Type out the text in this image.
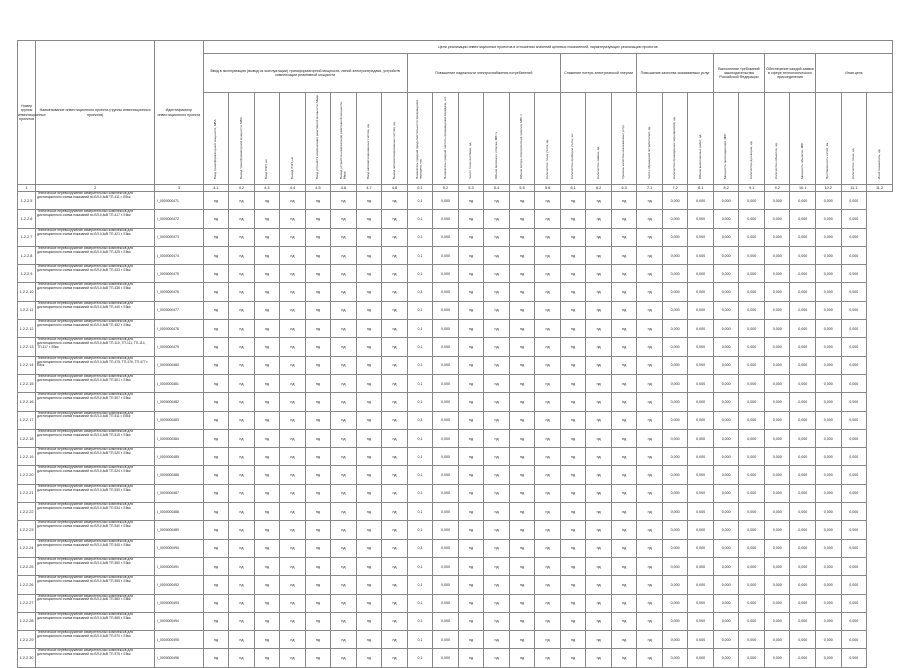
Номер группы инвестиционных проектов	Наименование инвестиционного проекта (группы инвестиционных проектов)	Идентификатор инвестиционного проекта	Цели реализации инвестиционных проектов в отношении значений целевых показателей, характеризующих реализацию проектов																										
			Ввод в эксплуатацию (вывод из эксплуатации) трансформаторной мощности, линий электропередачи, устройств компенсации реактивной мощности								Повышение надежности электроснабжения потребителей						Снижение потерь электрической энергии			Повышение качества оказываемых услуг			Выполнение требований законодательства Российской Федерации		Обеспечение каждой заявки в сфере технологического присоединения		Иная цель		
			Ввод трансформаторной мощности, МВА	Вывод трансформаторной мощности, МВА	Ввод ЛЭП, км	Вывод ЛЭП, км	Ввод устройств компенсации реактивной мощности, Мвар	Вывод устройств компенсации реактивной мощности, Мвар	Ввод автоматизированных систем, ед.	Вывод автоматизированных систем, ед.	Показатель средней продолжительности прекращения передачи, час	Показатель средней частоты прекращения передачи, шт.	Число точек поставки, ед.	Объем полезного отпуска, МВт·ч	Объем потерь электрической энергии, МВт·ч	Количество точек учета, ед.	Количество приборов учета, шт.	Количество заявок, ед.	Уровень качества оказываемых услуг	Число обращений потребителей, ед.	Количество проведенных мероприятий, ед.	Объем выполненных работ, ед.	Мощность присоединения, МВт	Количество договоров, ед.	Количество объектов, ед.	Мощность объектов, МВт	Протяженность сетей, км	Количество точек, ед.	Иной показатель, ед.
1	2	3	4.1	4.2	4.3	4.4	4.5	4.6	4.7	4.8	5.1	5.2	5.3	5.4	5.5	5.6	6.1	6.2	6.3	7.1	7.2	8.1	8.2	9.1	9.2	10.1	10.2	11.1	11.2
1.2.2.5	Техническое перевооружение измерительных комплексов для дистанционного съема показаний по ВЛ-0,4кВ ТП-411 г. Ейск	I_0000000471	нд	нд	нд	нд	нд	нд	нд	нд	0,1	0,000	нд	нд	нд	нд	нд	нд	нд	нд	0,000	0,000	0,000	0,000	0,000	0,000	0,000	0,000	
1.2.2.6	Техническое перевооружение измерительных комплексов для дистанционного съема показаний по ВЛ-0,4кВ ТП-417 г. Ейск	I_0000000472	нд	нд	нд	нд	нд	нд	нд	нд	0,1	0,000	нд	нд	нд	нд	нд	нд	нд	нд	0,000	0,000	0,000	0,000	0,000	0,000	0,000	0,000	
1.2.2.7	Техническое перевооружение измерительных комплексов для дистанционного съема показаний по ВЛ-0,4кВ ТП-421 г. Ейск	I_0000000473	нд	нд	нд	нд	нд	нд	нд	нд	0,1	0,000	нд	нд	нд	нд	нд	нд	нд	нд	0,000	0,000	0,000	0,000	0,000	0,000	0,000	0,000	
1.2.2.8	Техническое перевооружение измерительных комплексов для дистанционного съема показаний по ВЛ-0,4кВ ТП-425 г. Ейск	I_0000000474	нд	нд	нд	нд	нд	нд	нд	нд	0,1	0,000	нд	нд	нд	нд	нд	нд	нд	нд	0,000	0,000	0,000	0,000	0,000	0,000	0,000	0,000	
1.2.2.9	Техническое перевооружение измерительных комплексов для дистанционного съема показаний по ВЛ-0,4кВ ТП-433 г. Ейск	I_0000000475	нд	нд	нд	нд	нд	нд	нд	нд	0,1	0,000	нд	нд	нд	нд	нд	нд	нд	нд	0,000	0,000	0,000	0,000	0,000	0,000	0,000	0,000	
1.2.2.10	Техническое перевооружение измерительных комплексов для дистанционного съема показаний по ВЛ-0,4кВ ТП-438 г. Ейск	I_0000000476	нд	нд	нд	нд	нд	нд	нд	нд	0,1	0,000	нд	нд	нд	нд	нд	нд	нд	нд	0,000	0,000	0,000	0,000	0,000	0,000	0,000	0,000	
1.2.2.11	Техническое перевооружение измерительных комплексов для дистанционного съема показаний по ВЛ-0,4кВ ТП-440 г. Ейск	I_0000000477	нд	нд	нд	нд	нд	нд	нд	нд	0,1	0,000	нд	нд	нд	нд	нд	нд	нд	нд	0,000	0,000	0,000	0,000	0,000	0,000	0,000	0,000	
1.2.2.12	Техническое перевооружение измерительных комплексов для дистанционного съема показаний по ВЛ-0,4кВ ТП-452 г. Ейск	I_0000000478	нд	нд	нд	нд	нд	нд	нд	нд	0,1	0,000	нд	нд	нд	нд	нд	нд	нд	нд	0,000	0,000	0,000	0,000	0,000	0,000	0,000	0,000	
1.2.2.13	Техническое перевооружение измерительных комплексов для дистанционного съема показаний по ВЛ-0,4кВ ТП-110, ТП-111, ТП-114, ТП-117 г. Ейск	I_0000000479	нд	нд	нд	нд	нд	нд	нд	нд	0,1	0,000	нд	нд	нд	нд	нд	нд	нд	нд	0,000	0,000	0,000	0,000	0,000	0,000	0,000	0,000	
1.2.2.14	Техническое перевооружение измерительных комплексов для дистанционного съема показаний по ВЛ-0,4кВ ТП-475, ТП-476, ТП-477 г. Ейск	I_0000000480	нд	нд	нд	нд	нд	нд	нд	нд	0,1	0,000	нд	нд	нд	нд	нд	нд	нд	нд	0,000	0,000	0,000	0,000	0,000	0,000	0,000	0,000	
1.2.2.15	Техническое перевооружение измерительных комплексов для дистанционного съема показаний по ВЛ-0,4кВ ТП-501 г. Ейск	I_0000000481	нд	нд	нд	нд	нд	нд	нд	нд	0,1	0,000	нд	нд	нд	нд	нд	нд	нд	нд	0,000	0,000	0,000	0,000	0,000	0,000	0,000	0,000	
1.2.2.16	Техническое перевооружение измерительных комплексов для дистанционного съема показаний по ВЛ-0,4кВ ТП-507 г. Ейск	I_0000000482	нд	нд	нд	нд	нд	нд	нд	нд	0,1	0,000	нд	нд	нд	нд	нд	нд	нд	нд	0,000	0,000	0,000	0,000	0,000	0,000	0,000	0,000	
1.2.2.17	Техническое перевооружение измерительных комплексов для дистанционного съема показаний по ВЛ-0,4кВ ТП-511 г. Ейск	I_0000000483	нд	нд	нд	нд	нд	нд	нд	нд	0,1	0,000	нд	нд	нд	нд	нд	нд	нд	нд	0,000	0,000	0,000	0,000	0,000	0,000	0,000	0,000	
1.2.2.18	Техническое перевооружение измерительных комплексов для дистанционного съема показаний по ВЛ-0,4кВ ТП-515 г. Ейск	I_0000000484	нд	нд	нд	нд	нд	нд	нд	нд	0,1	0,000	нд	нд	нд	нд	нд	нд	нд	нд	0,000	0,000	0,000	0,000	0,000	0,000	0,000	0,000	
1.2.2.19	Техническое перевооружение измерительных комплексов для дистанционного съема показаний по ВЛ-0,4кВ ТП-520 г. Ейск	I_0000000485	нд	нд	нд	нд	нд	нд	нд	нд	0,1	0,000	нд	нд	нд	нд	нд	нд	нд	нд	0,000	0,000	0,000	0,000	0,000	0,000	0,000	0,000	
1.2.2.20	Техническое перевооружение измерительных комплексов для дистанционного съема показаний по ВЛ-0,4кВ ТП-524 г. Ейск	I_0000000486	нд	нд	нд	нд	нд	нд	нд	нд	0,1	0,000	нд	нд	нд	нд	нд	нд	нд	нд	0,000	0,000	0,000	0,000	0,000	0,000	0,000	0,000	
1.2.2.21	Техническое перевооружение измерительных комплексов для дистанционного съема показаний по ВЛ-0,4кВ ТП-530 г. Ейск	I_0000000487	нд	нд	нд	нд	нд	нд	нд	нд	0,1	0,000	нд	нд	нд	нд	нд	нд	нд	нд	0,000	0,000	0,000	0,000	0,000	0,000	0,000	0,000	
1.2.2.22	Техническое перевооружение измерительных комплексов для дистанционного съема показаний по ВЛ-0,4кВ ТП-534 г. Ейск	I_0000000488	нд	нд	нд	нд	нд	нд	нд	нд	0,1	0,000	нд	нд	нд	нд	нд	нд	нд	нд	0,000	0,000	0,000	0,000	0,000	0,000	0,000	0,000	
1.2.2.23	Техническое перевооружение измерительных комплексов для дистанционного съема показаний по ВЛ-0,4кВ ТП-540 г. Ейск	I_0000000489	нд	нд	нд	нд	нд	нд	нд	нд	0,1	0,000	нд	нд	нд	нд	нд	нд	нд	нд	0,000	0,000	0,000	0,000	0,000	0,000	0,000	0,000	
1.2.2.24	Техническое перевооружение измерительных комплексов для дистанционного съема показаний по ВЛ-0,4кВ ТП-545 г. Ейск	I_0000000490	нд	нд	нд	нд	нд	нд	нд	нд	0,1	0,000	нд	нд	нд	нд	нд	нд	нд	нд	0,000	0,000	0,000	0,000	0,000	0,000	0,000	0,000	
1.2.2.25	Техническое перевооружение измерительных комплексов для дистанционного съема показаний по ВЛ-0,4кВ ТП-550 г. Ейск	I_0000000491	нд	нд	нд	нд	нд	нд	нд	нд	0,1	0,000	нд	нд	нд	нд	нд	нд	нд	нд	0,000	0,000	0,000	0,000	0,000	0,000	0,000	0,000	
1.2.2.26	Техническое перевооружение измерительных комплексов для дистанционного съема показаний по ВЛ-0,4кВ ТП-555 г. Ейск	I_0000000492	нд	нд	нд	нд	нд	нд	нд	нд	0,1	0,000	нд	нд	нд	нд	нд	нд	нд	нд	0,000	0,000	0,000	0,000	0,000	0,000	0,000	0,000	
1.2.2.27	Техническое перевооружение измерительных комплексов для дистанционного съема показаний по ВЛ-0,4кВ ТП-560 г. Ейск	I_0000000493	нд	нд	нд	нд	нд	нд	нд	нд	0,1	0,000	нд	нд	нд	нд	нд	нд	нд	нд	0,000	0,000	0,000	0,000	0,000	0,000	0,000	0,000	
1.2.2.28	Техническое перевооружение измерительных комплексов для дистанционного съема показаний по ВЛ-0,4кВ ТП-565 г. Ейск	I_0000000494	нд	нд	нд	нд	нд	нд	нд	нд	0,1	0,000	нд	нд	нд	нд	нд	нд	нд	нд	0,000	0,000	0,000	0,000	0,000	0,000	0,000	0,000	
1.2.2.29	Техническое перевооружение измерительных комплексов для дистанционного съема показаний по ВЛ-0,4кВ ТП-570 г. Ейск	I_0000000495	нд	нд	нд	нд	нд	нд	нд	нд	0,1	0,000	нд	нд	нд	нд	нд	нд	нд	нд	0,000	0,000	0,000	0,000	0,000	0,000	0,000	0,000	
1.2.2.30	Техническое перевооружение измерительных комплексов для дистанционного съема показаний по ВЛ-0,4кВ ТП-575 г. Ейск	I_0000000496	нд	нд	нд	нд	нд	нд	нд	нд	0,1	0,000	нд	нд	нд	нд	нд	нд	нд	нд	0,000	0,000	0,000	0,000	0,000	0,000	0,000	0,000	
